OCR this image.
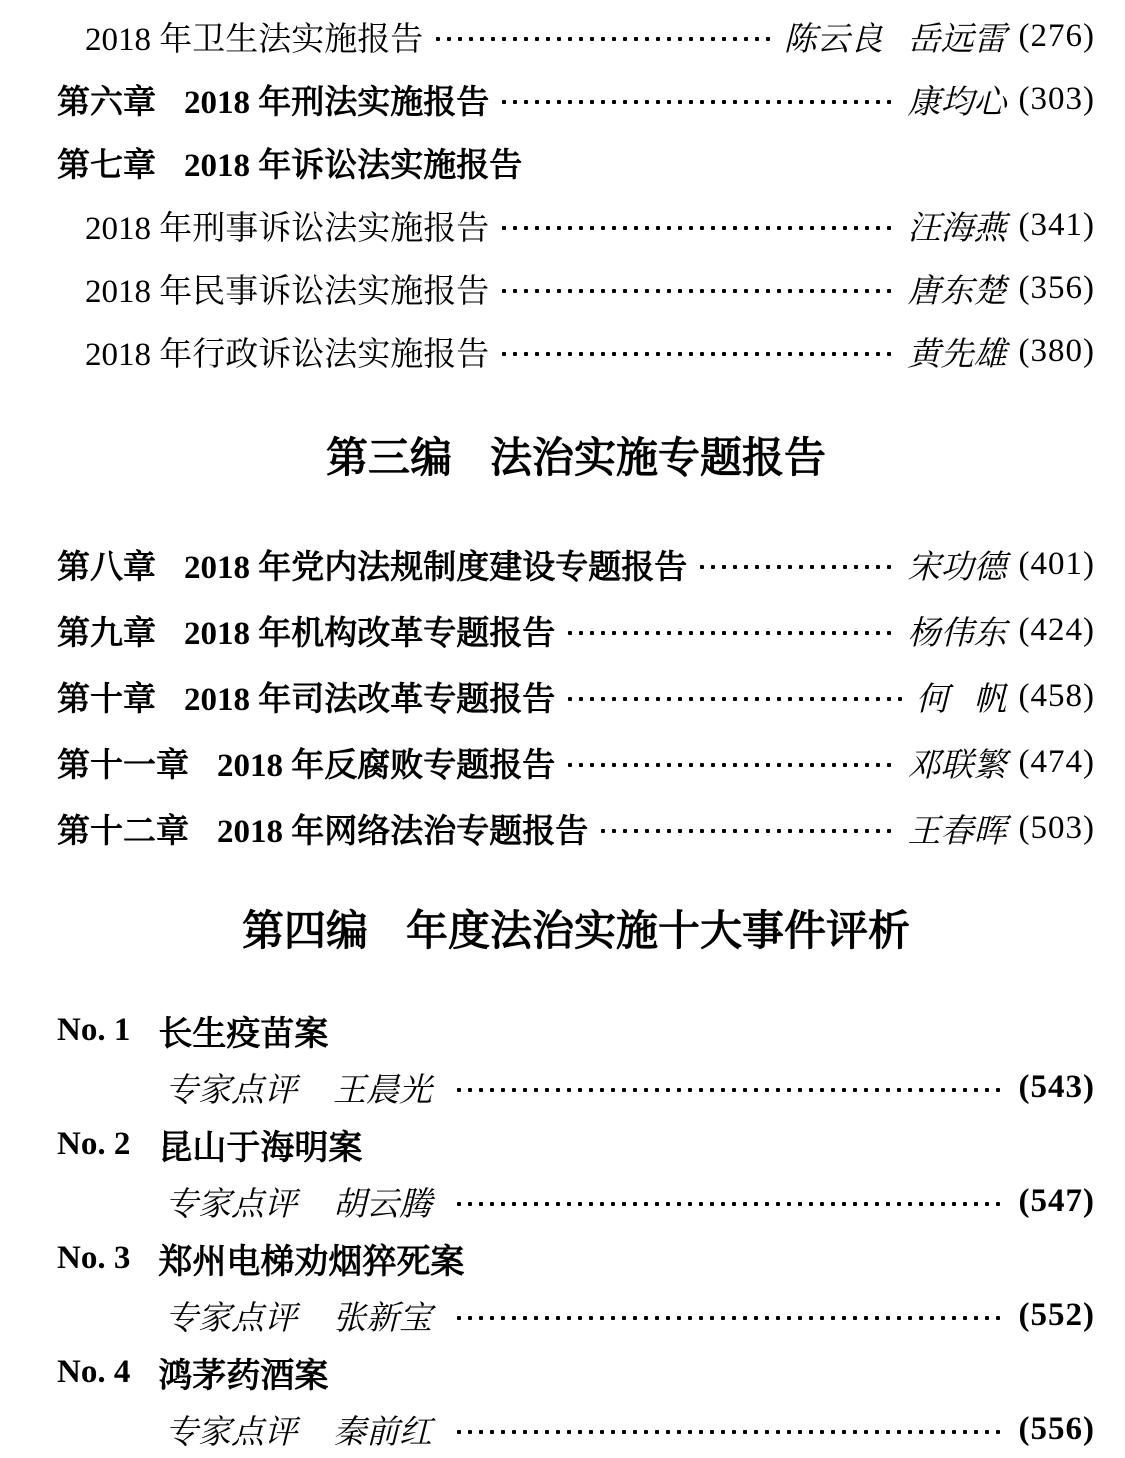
2018 年卫生法实施报告	陈云良   岳远雷 (276)
第六章 2018 年刑法实施报告	康均心 (303)
第七章 2018 年诉讼法实施报告
2018 年刑事诉讼法实施报告	汪海燕 (341)
2018 年民事诉讼法实施报告	唐东楚 (356)
2018 年行政诉讼法实施报告	黄先雄 (380)
第三编 法治实施专题报告
第八章 2018 年党内法规制度建设专题报告	宋功德 (401)
第九章 2018 年机构改革专题报告	杨伟东 (424)
第十章 2018 年司法改革专题报告	何   帆 (458)
第十一章 2018 年反腐败专题报告	邓联繁 (474)
第十二章 2018 年网络法治专题报告	王春晖 (503)
第四编 年度法治实施十大事件评析
No. 1 长生疫苗案
专家点评 王晨光	(543)
No. 2 昆山于海明案
专家点评 胡云腾	(547)
No. 3 郑州电梯劝烟猝死案
专家点评 张新宝	(552)
No. 4 鸿茅药酒案
专家点评 秦前红	(556)
